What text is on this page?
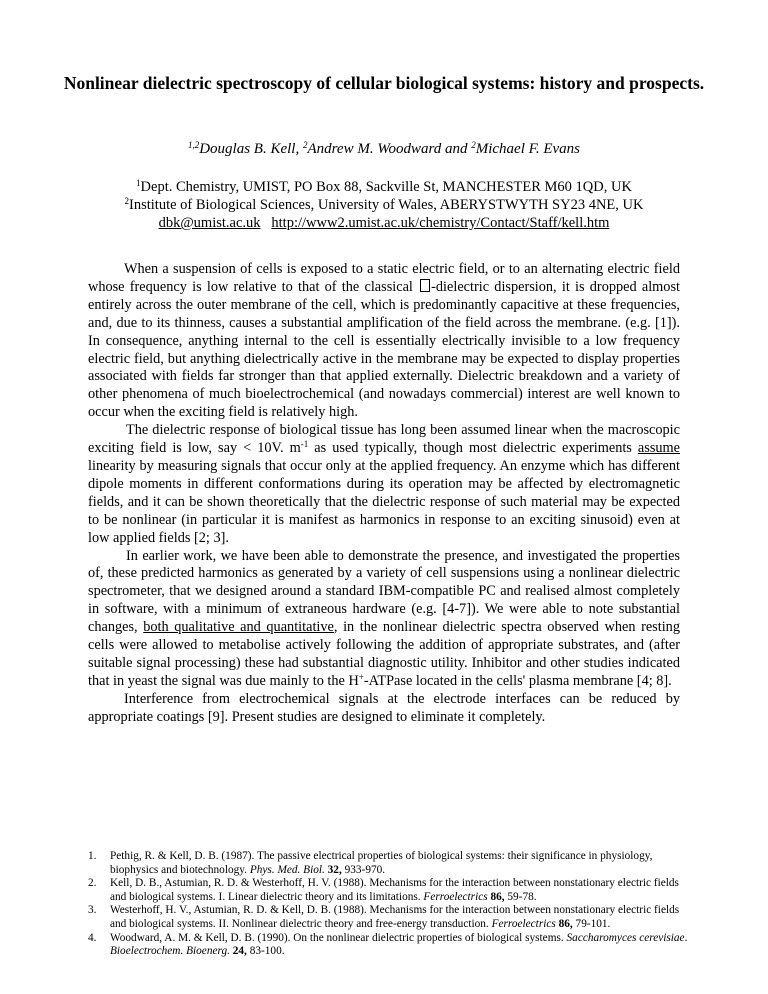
Nonlinear dielectric spectroscopy of cellular biological systems: history and prospects.
$^{1,2}$Douglas B. Kell, $^2$Andrew M. Woodward and $^2$Michael F. Evans
$^1$Dept. Chemistry, UMIST, PO Box 88, Sackville St, MANCHESTER M60 1QD, UK
$^2$Institute of Biological Sciences, University of Wales, ABERYSTWYTH SY23 4NE, UK
dbk@umist.ac.uk http://www2.umist.ac.uk/chemistry/Contact/Staff/kell.htm

When a suspension of cells is exposed to a static electric field, or to an alternating electric field whose frequency is low relative to that of the classical -dielectric dispersion, it is dropped almost entirely across the outer membrane of the cell, which is predominantly capacitive at these frequencies, and, due to its thinness, causes a substantial amplification of the field across the membrane. (e.g. [1]). In consequence, anything internal to the cell is essentially electrically invisible to a low frequency electric field, but anything dielectrically active in the membrane may be expected to display properties associated with fields far stronger than that applied externally. Dielectric breakdown and a variety of other phenomena of much bioelectrochemical (and nowadays commercial) interest are well known to occur when the exciting field is relatively high.

The dielectric response of biological tissue has long been assumed linear when the macroscopic exciting field is low, say < 10V. $m^{-1}$ as used typically, though most dielectric experiments assume linearity by measuring signals that occur only at the applied frequency. An enzyme which has different dipole moments in different conformations during its operation may be affected by electromagnetic fields, and it can be shown theoretically that the dielectric response of such material may be expected to be nonlinear (in particular it is manifest as harmonics in response to an exciting sinusoid) even at low applied fields [2; 3].

In earlier work, we have been able to demonstrate the presence, and investigated the properties of, these predicted harmonics as generated by a variety of cell suspensions using a nonlinear dielectric spectrometer, that we designed around a standard IBM-compatible PC and realised almost completely in software, with a minimum of extraneous hardware (e.g. [4-7]). We were able to note substantial changes, both qualitative and quantitative, in the nonlinear dielectric spectra observed when resting cells were allowed to metabolise actively following the addition of appropriate substrates, and (after suitable signal processing) these had substantial diagnostic utility. Inhibitor and other studies indicated that in yeast the signal was due mainly to the H+-ATPase located in the cells' plasma membrane [4; 8].

Interference from electrochemical signals at the electrode interfaces can be reduced by appropriate coatings [9]. Present studies are designed to eliminate it completely.

1. Pethig, R. & Kell, D. B. (1987). The passive electrical properties of biological systems: their significance in physiology, biophysics and biotechnology. Phys. Med. Biol. 32, 933-970.
2. Kell, D. B., Astumian, R. D. & Westerhoff, H. V. (1988). Mechanisms for the interaction between nonstationary electric fields and biological systems. I. Linear dielectric theory and its limitations. Ferroelectrics 86, 59-78.
3. Westerhoff, H. V., Astumian, R. D. & Kell, D. B. (1988). Mechanisms for the interaction between nonstationary electric fields and biological systems. II. Nonlinear dielectric theory and free-energy transduction. Ferroelectrics 86, 79-101.
4. Woodward, A. M. & Kell, D. B. (1990). On the nonlinear dielectric properties of biological systems. Saccharomyces cerevisiae. Bioelectrochem. Bioenerg. 24, 83-100.
